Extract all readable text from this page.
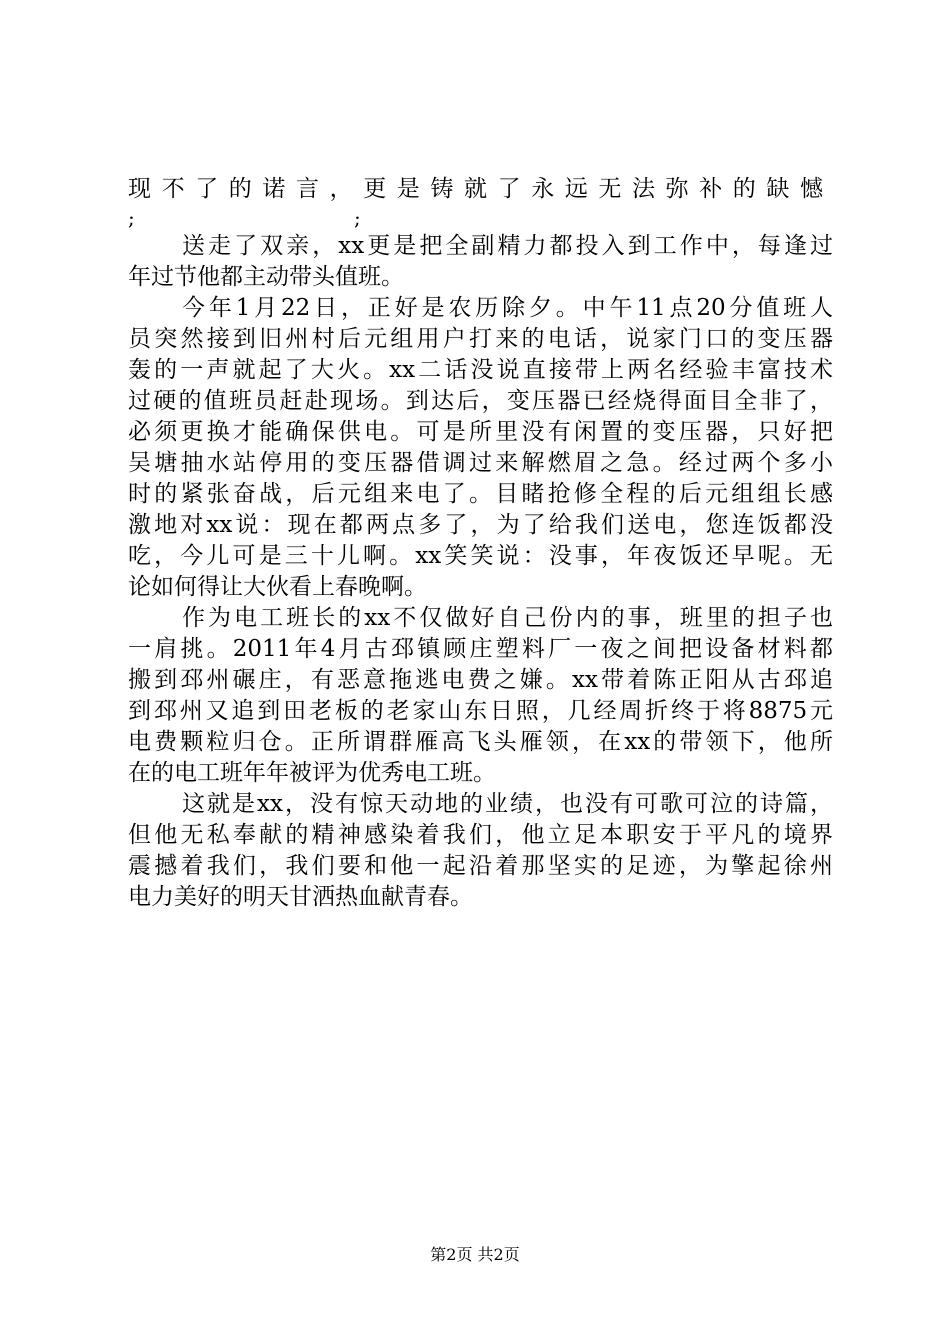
现不了的诺言，更是铸就了永远无法弥补的缺憾
;	;
送走了双亲，xx更是把全副精力都投入到工作中，每逢过
年过节他都主动带头值班。
今年1月22日，正好是农历除夕。中午11点20分值班人
员突然接到旧州村后元组用户打来的电话，说家门口的变压器
轰的一声就起了大火。xx二话没说直接带上两名经验丰富技术
过硬的值班员赶赴现场。到达后，变压器已经烧得面目全非了，
必须更换才能确保供电。可是所里没有闲置的变压器，只好把
吴塘抽水站停用的变压器借调过来解燃眉之急。经过两个多小
时的紧张奋战，后元组来电了。目睹抢修全程的后元组组长感
激地对xx说：现在都两点多了，为了给我们送电，您连饭都没
吃，今儿可是三十儿啊。xx笑笑说：没事，年夜饭还早呢。无
论如何得让大伙看上春晚啊。
作为电工班长的xx不仅做好自己份内的事，班里的担子也
一肩挑。2011年4月古邳镇顾庄塑料厂一夜之间把设备材料都
搬到邳州碾庄，有恶意拖逃电费之嫌。xx带着陈正阳从古邳追
到邳州又追到田老板的老家山东日照，几经周折终于将8875元
电费颗粒归仓。正所谓群雁高飞头雁领，在xx的带领下，他所
在的电工班年年被评为优秀电工班。
这就是xx，没有惊天动地的业绩，也没有可歌可泣的诗篇，
但他无私奉献的精神感染着我们，他立足本职安于平凡的境界
震撼着我们，我们要和他一起沿着那坚实的足迹，为擎起徐州
电力美好的明天甘洒热血献青春。
第2页 共2页
